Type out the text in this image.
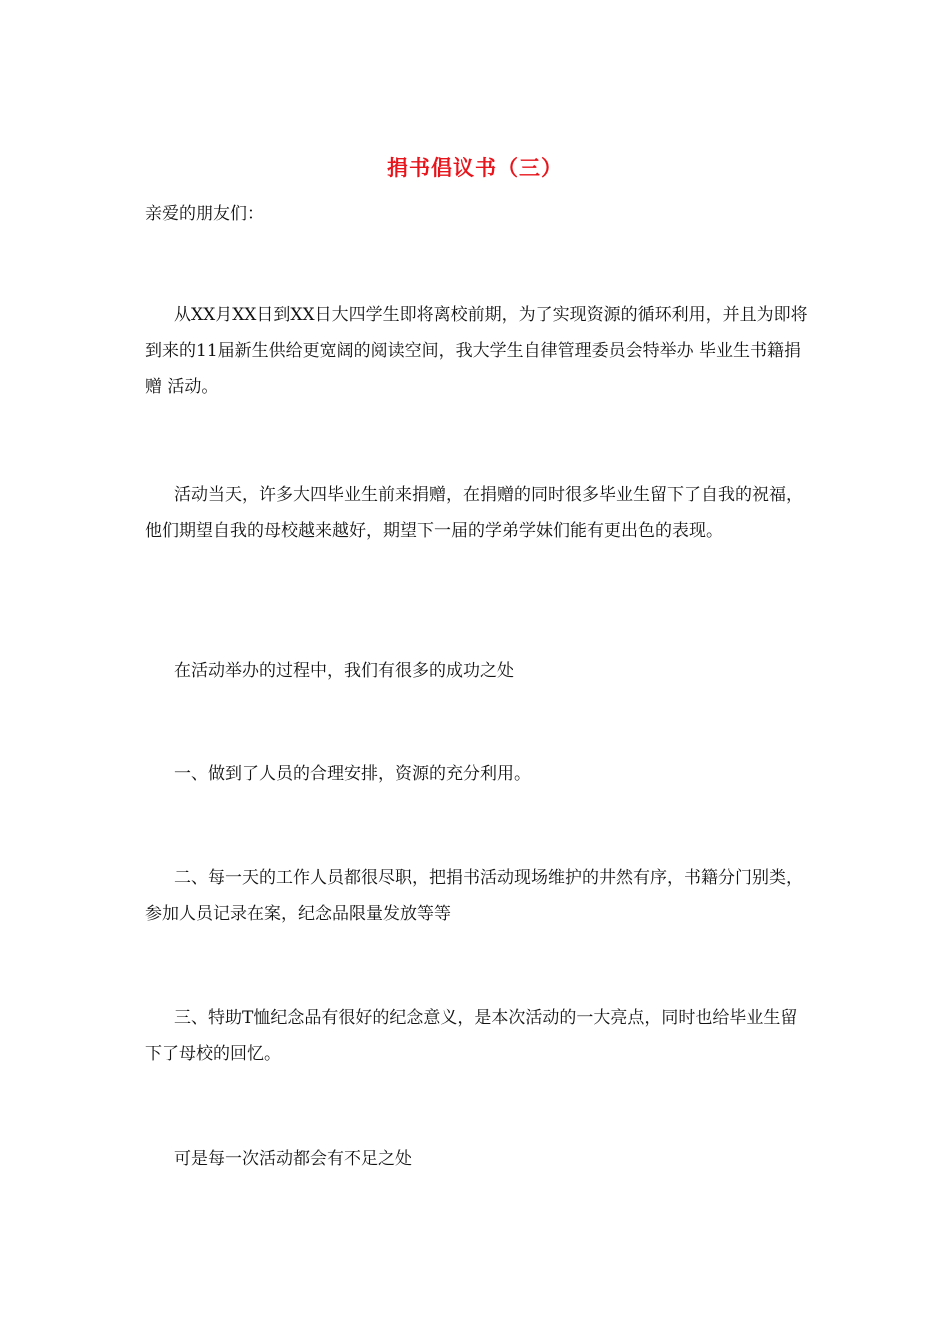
捐书倡议书（三）

亲爱的朋友们：

从XX月XX日到XX日大四学生即将离校前期，为了实现资源的循环利用，并且为即将到来的11届新生供给更宽阔的阅读空间，我大学生自律管理委员会特举办 毕业生书籍捐赠 活动。

活动当天，许多大四毕业生前来捐赠，在捐赠的同时很多毕业生留下了自我的祝福，他们期望自我的母校越来越好，期望下一届的学弟学妹们能有更出色的表现。

在活动举办的过程中，我们有很多的成功之处

一、做到了人员的合理安排，资源的充分利用。

二、每一天的工作人员都很尽职，把捐书活动现场维护的井然有序，书籍分门别类，参加人员记录在案，纪念品限量发放等等

三、特助T恤纪念品有很好的纪念意义，是本次活动的一大亮点，同时也给毕业生留下了母校的回忆。

可是每一次活动都会有不足之处
